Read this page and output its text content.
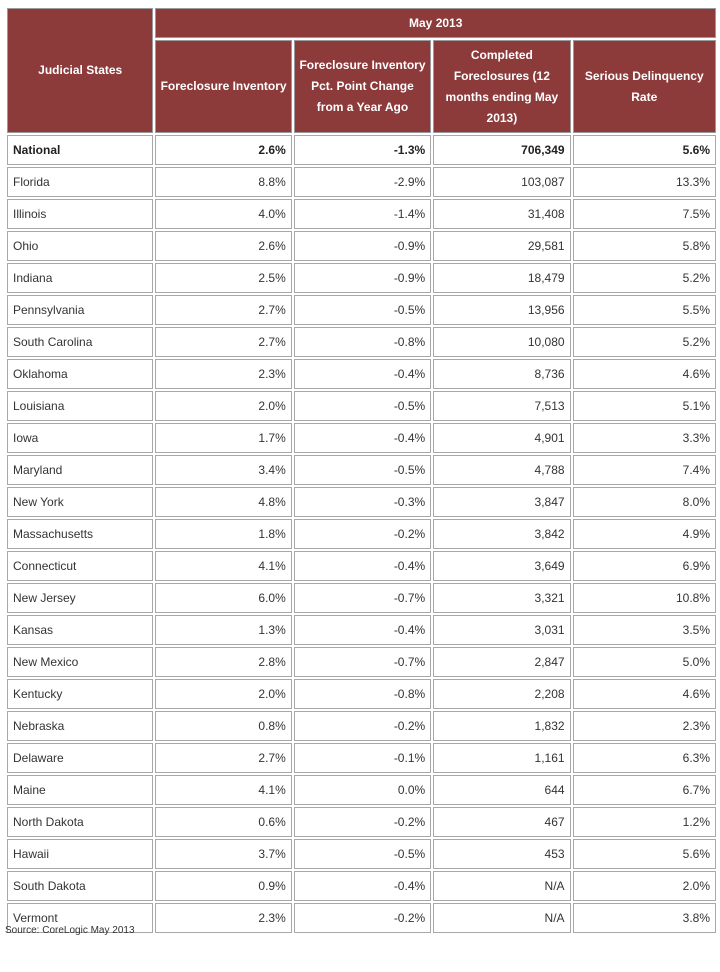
Judicial States	May 2013			
	Foreclosure Inventory	Foreclosure Inventory Pct. Point Change from a Year Ago	Completed Foreclosures (12 months ending May 2013)	Serious Delinquency Rate
National	2.6%	-1.3%	706,349	5.6%
Florida	8.8%	-2.9%	103,087	13.3%
Illinois	4.0%	-1.4%	31,408	7.5%
Ohio	2.6%	-0.9%	29,581	5.8%
Indiana	2.5%	-0.9%	18,479	5.2%
Pennsylvania	2.7%	-0.5%	13,956	5.5%
South Carolina	2.7%	-0.8%	10,080	5.2%
Oklahoma	2.3%	-0.4%	8,736	4.6%
Louisiana	2.0%	-0.5%	7,513	5.1%
Iowa	1.7%	-0.4%	4,901	3.3%
Maryland	3.4%	-0.5%	4,788	7.4%
New York	4.8%	-0.3%	3,847	8.0%
Massachusetts	1.8%	-0.2%	3,842	4.9%
Connecticut	4.1%	-0.4%	3,649	6.9%
New Jersey	6.0%	-0.7%	3,321	10.8%
Kansas	1.3%	-0.4%	3,031	3.5%
New Mexico	2.8%	-0.7%	2,847	5.0%
Kentucky	2.0%	-0.8%	2,208	4.6%
Nebraska	0.8%	-0.2%	1,832	2.3%
Delaware	2.7%	-0.1%	1,161	6.3%
Maine	4.1%	0.0%	644	6.7%
North Dakota	0.6%	-0.2%	467	1.2%
Hawaii	3.7%	-0.5%	453	5.6%
South Dakota	0.9%	-0.4%	N/A	2.0%
Vermont	2.3%	-0.2%	N/A	3.8%
Source: CoreLogic May 2013
